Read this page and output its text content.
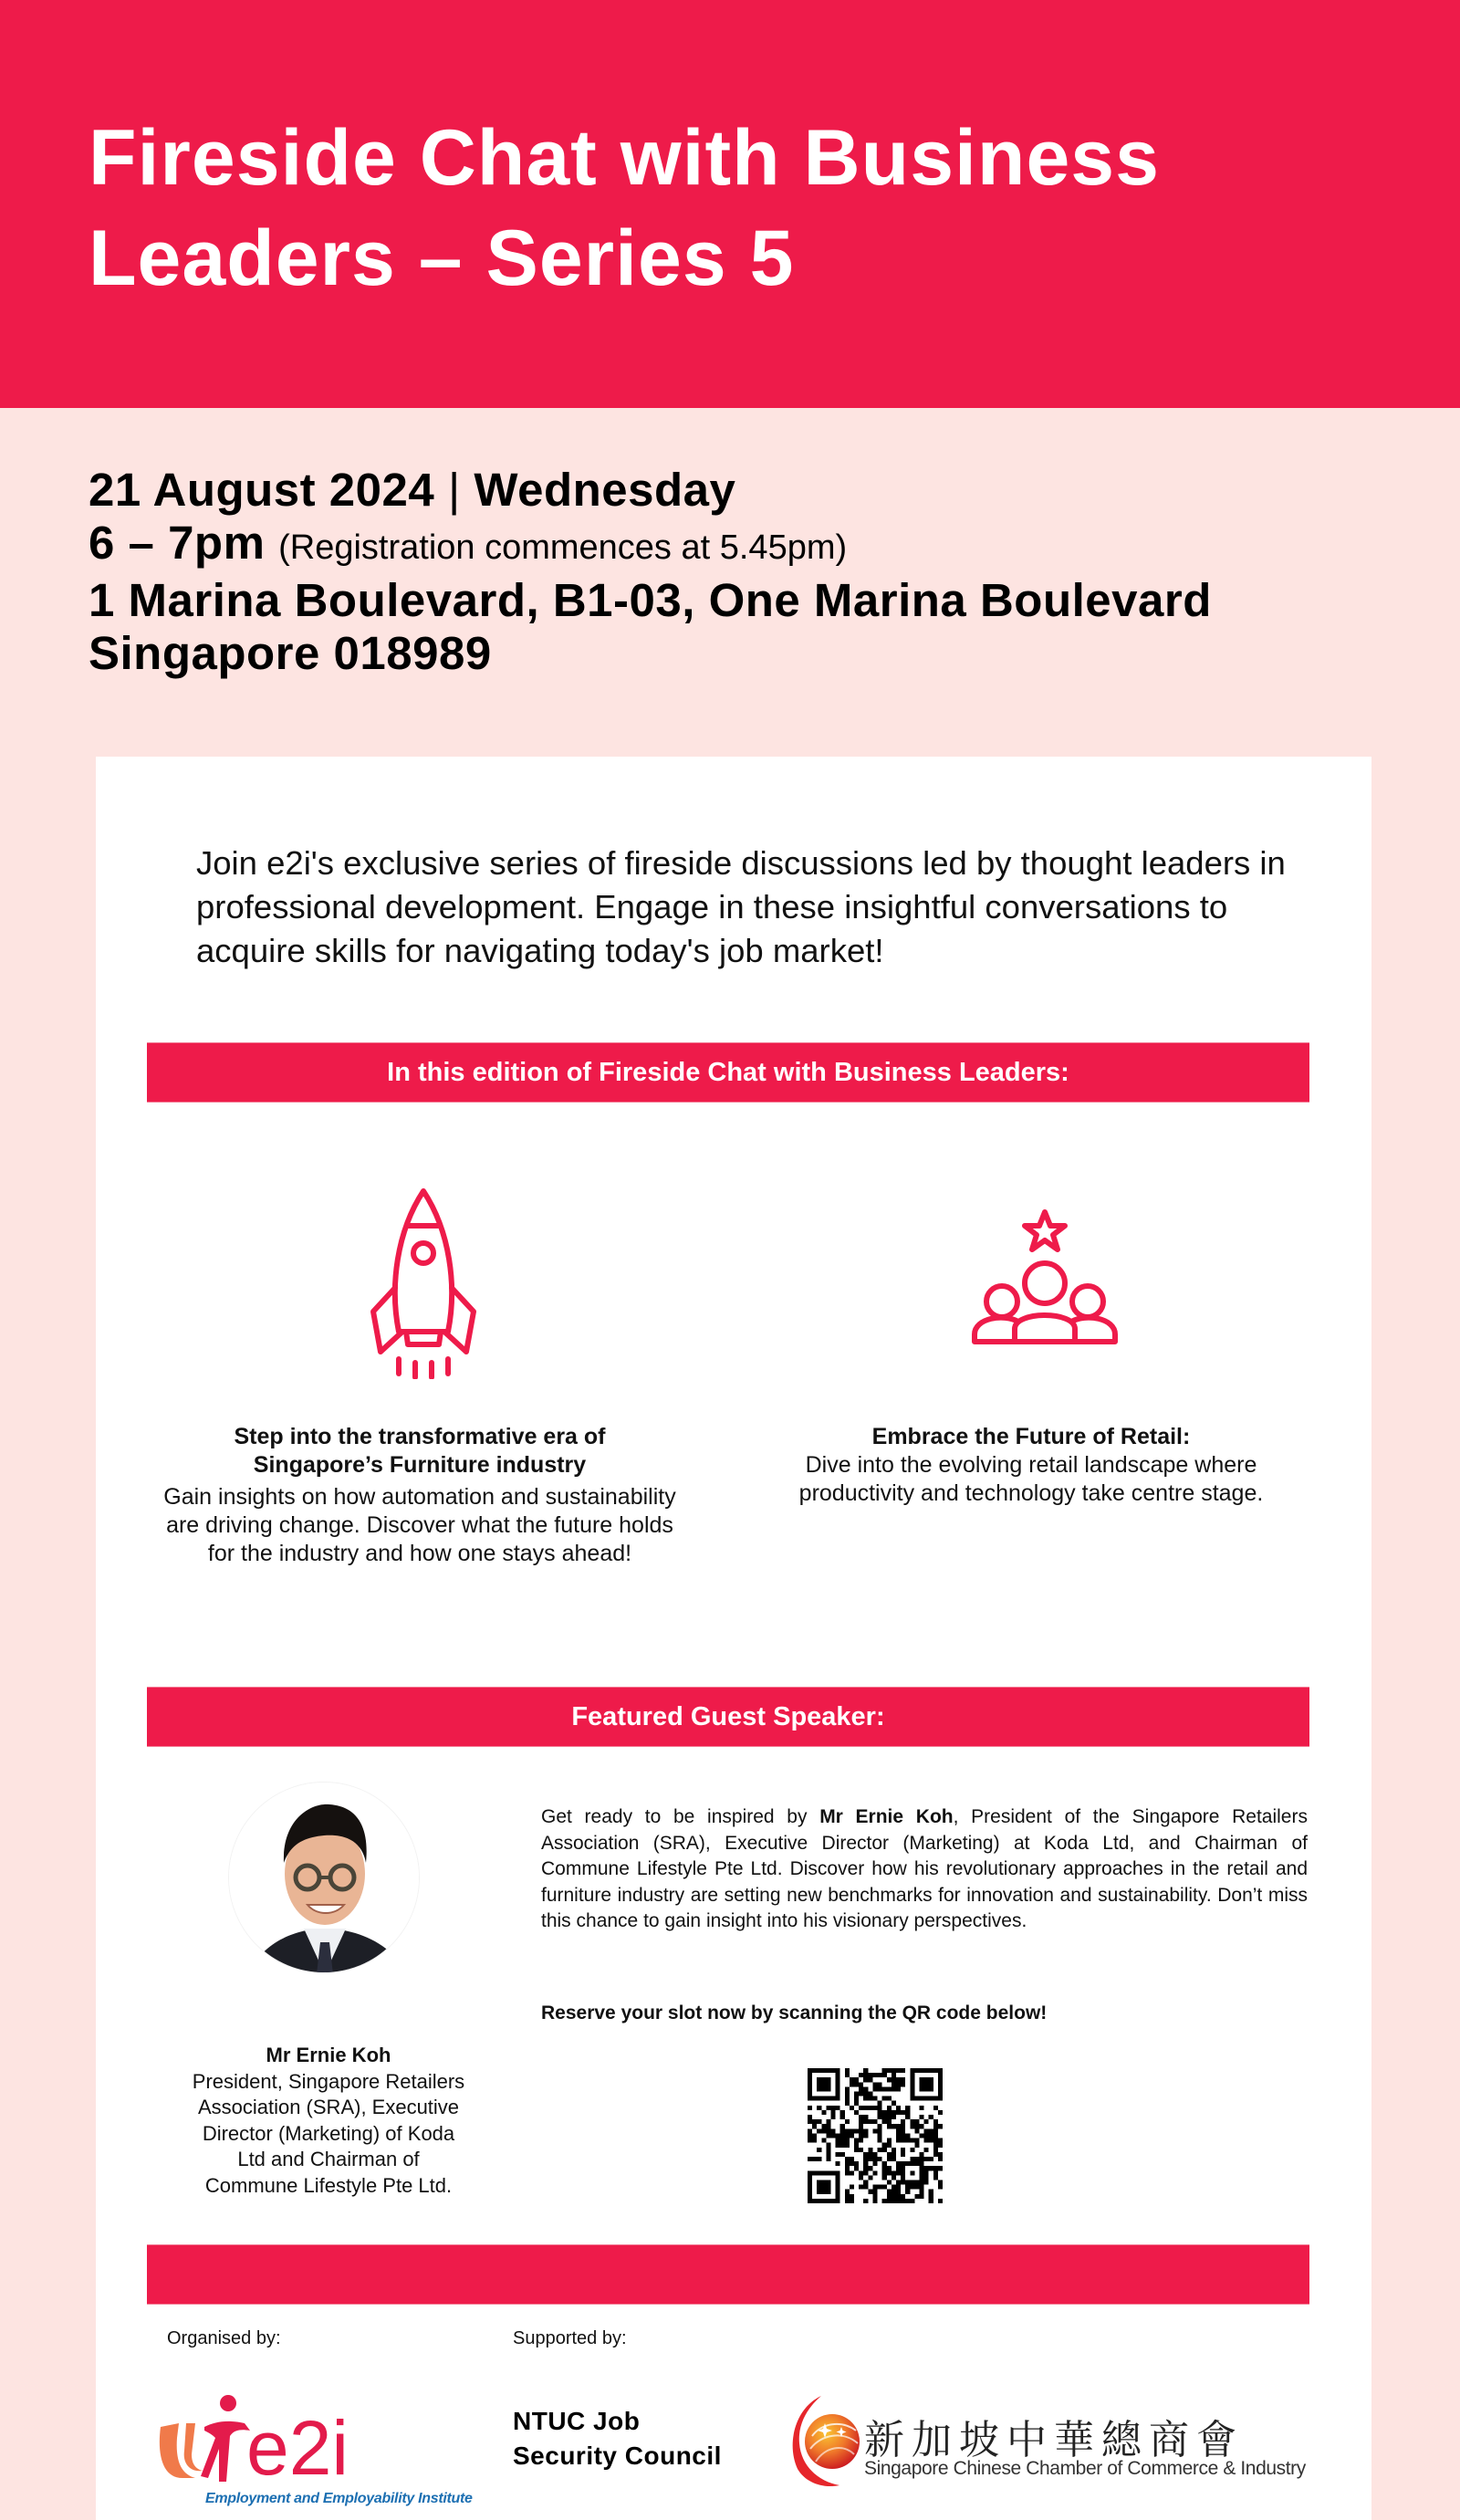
Fireside Chat with Business
Leaders – Series 5
21 August 2024 | Wednesday
6 – 7pm (Registration commences at 5.45pm)
1 Marina Boulevard, B1-03, One Marina Boulevard
Singapore 018989

Join e2i's exclusive series of fireside discussions led by thought leaders in professional development. Engage in these insightful conversations to acquire skills for navigating today's job market!

In this edition of Fireside Chat with Business Leaders:
Step into the transformative era of
Singapore’s Furniture industry
Gain insights on how automation and sustainability are driving change. Discover what the future holds for the industry and how one stays ahead!
Embrace the Future of Retail:
Dive into the evolving retail landscape where productivity and technology take centre stage.
Featured Guest Speaker:
Mr Ernie Koh
President, Singapore Retailers
Association (SRA), Executive
Director (Marketing) of Koda
Ltd and Chairman of
Commune Lifestyle Pte Ltd.

Get ready to be inspired by Mr Ernie Koh, President of the Singapore Retailers Association (SRA), Executive Director (Marketing) at Koda Ltd, and Chairman of Commune Lifestyle Pte Ltd. Discover how his revolutionary approaches in the retail and furniture industry are setting new benchmarks for innovation and sustainability. Don’t miss this chance to gain insight into his visionary perspectives.

Reserve your slot now by scanning the QR code below!

Organised by:	Supported by:
e2i
Employment and Employability Institute
NTUC Job
Security Council	新加坡中華總商會
Singapore Chinese Chamber of Commerce & Industry
